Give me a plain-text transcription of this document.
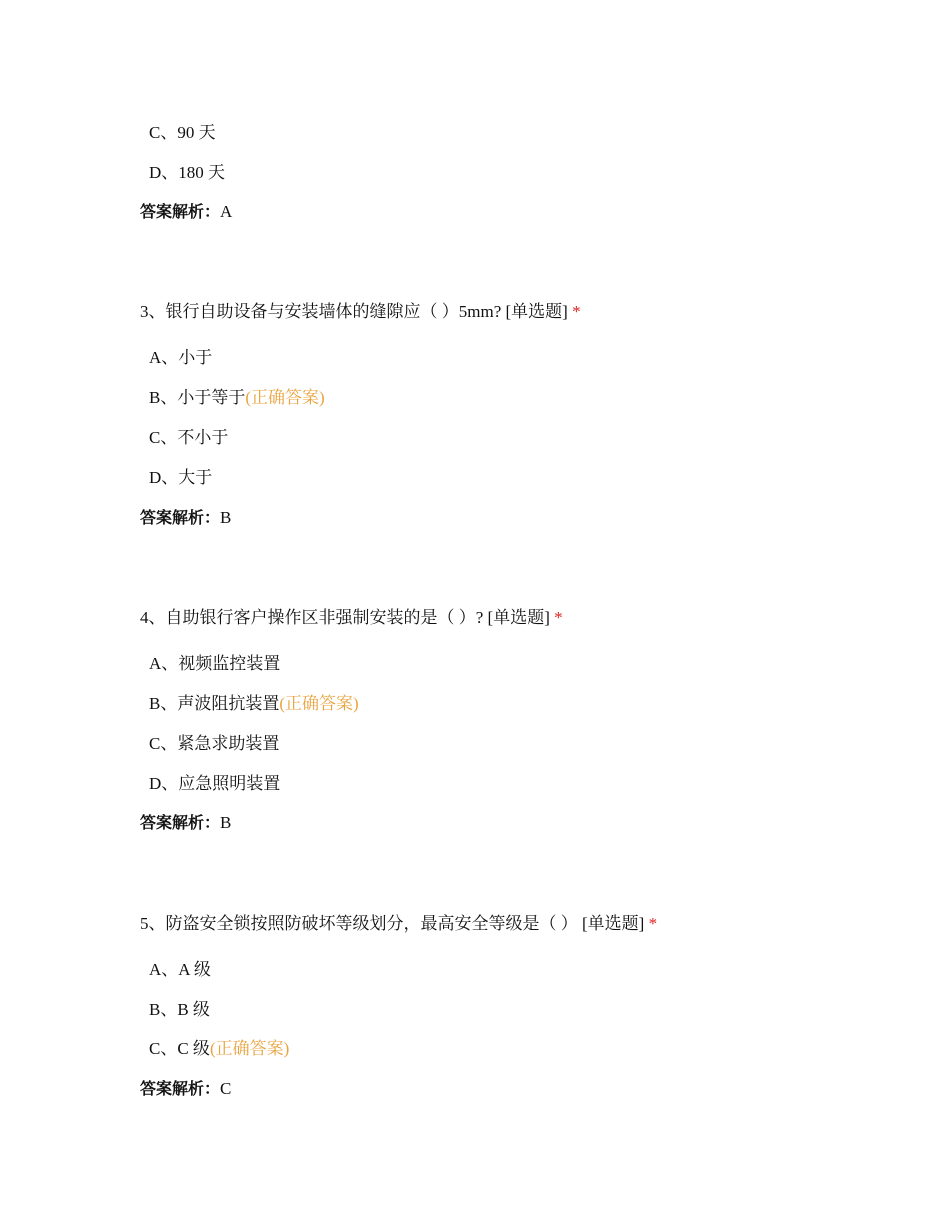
C、90 天
D、180 天
答案解析：A
3、银行自助设备与安装墙体的缝隙应（ ）5mm? [单选题] *
A、小于
B、小于等于(正确答案)
C、不小于
D、大于
答案解析：B
4、自助银行客户操作区非强制安装的是（ ）? [单选题] *
A、视频监控装置
B、声波阻抗装置(正确答案)
C、紧急求助装置
D、应急照明装置
答案解析：B
5、防盗安全锁按照防破坏等级划分，最高安全等级是（ ） [单选题] *
A、A 级
B、B 级
C、C 级(正确答案)
答案解析：C
